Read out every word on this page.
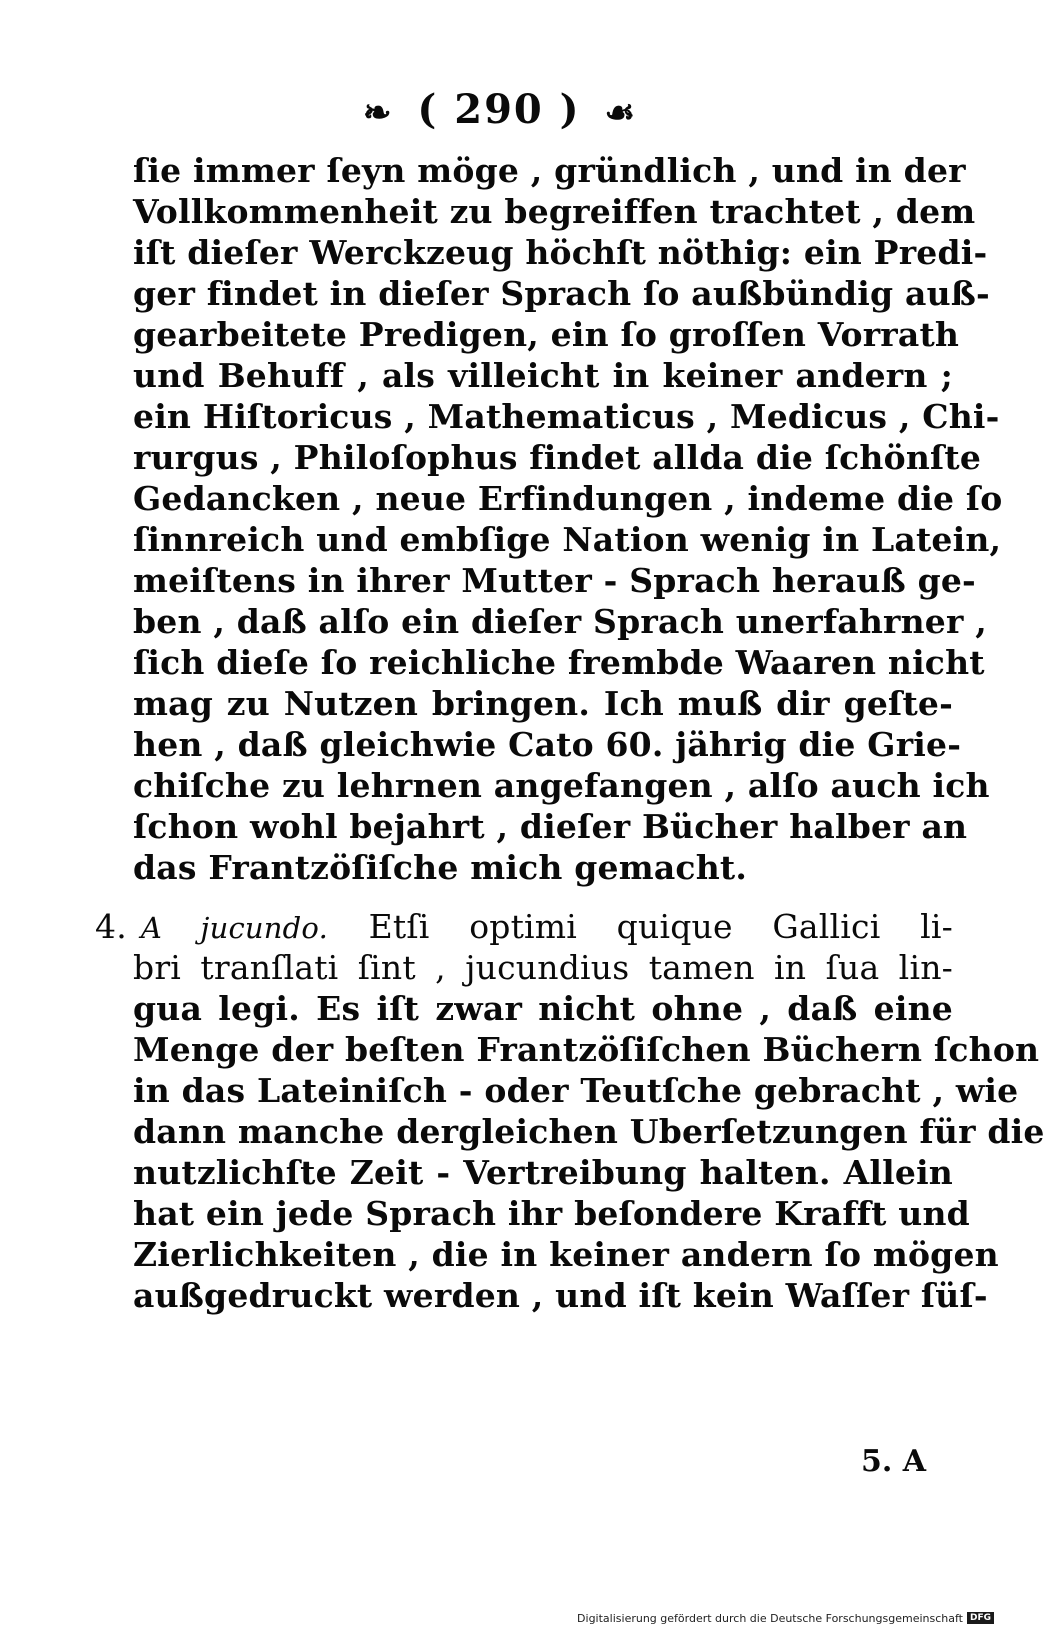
❧ ( 290 ) ☙
ſie immer ſeyn möge , gründlich , und in der
Vollkommenheit zu begreiffen trachtet , dem
iſt dieſer Werckzeug höchſt nöthig: ein Predi-
ger findet in dieſer Sprach ſo außbündig auß-
gearbeitete Predigen, ein ſo groſſen Vorrath
und Behuff , als villeicht in keiner andern ;
ein Hiſtoricus , Mathematicus , Medicus , Chi-
rurgus , Philoſophus findet allda die ſchönſte
Gedancken , neue Erfindungen , indeme die ſo
ſinnreich und embſige Nation wenig in Latein,
meiſtens in ihrer Mutter - Sprach herauß ge-
ben , daß alſo ein dieſer Sprach unerfahrner ,
ſich dieſe ſo reichliche frembde Waaren nicht
mag zu Nutzen bringen. Ich muß dir geſte-
hen , daß gleichwie Cato 60. jährig die Grie-
chiſche zu lehrnen angefangen , alſo auch ich
ſchon wohl bejahrt , dieſer Bücher halber an
das Frantzöſiſche mich gemacht.
4. A jucundo. Etſi optimi quique Gallici li-
bri tranſlati ſint , jucundius tamen in ſua lin-
gua legi. Es iſt zwar nicht ohne , daß eine
Menge der beſten Frantzöſiſchen Büchern ſchon
in das Lateiniſch - oder Teutſche gebracht , wie
dann manche dergleichen Uberſetzungen für die
nutzlichſte Zeit - Vertreibung halten. Allein
hat ein jede Sprach ihr beſondere Krafft und
Zierlichkeiten , die in keiner andern ſo mögen
außgedruckt werden , und iſt kein Waſſer ſüſ-
5. A
Digitalisierung gefördert durch die Deutsche Forschungsgemeinschaft DFG
